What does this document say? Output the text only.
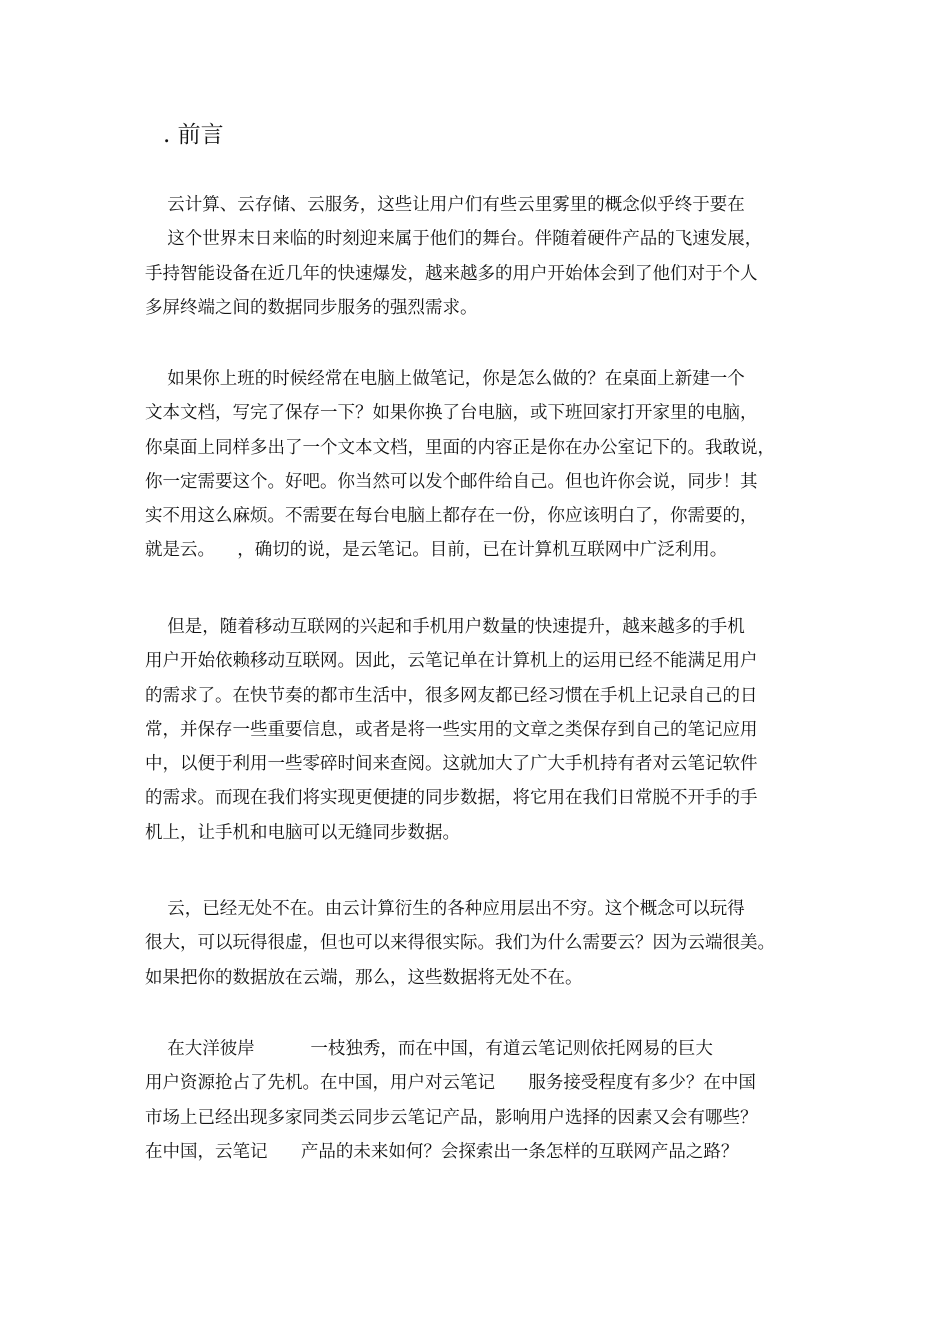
. 前言
云计算、云存储、云服务，这些让用户们有些云里雾里的概念似乎终于要在
这个世界末日来临的时刻迎来属于他们的舞台。伴随着硬件产品的飞速发展，
手持智能设备在近几年的快速爆发，越来越多的用户开始体会到了他们对于个人
多屏终端之间的数据同步服务的强烈需求。
如果你上班的时候经常在电脑上做笔记，你是怎么做的？在桌面上新建一个
文本文档，写完了保存一下？如果你换了台电脑，或下班回家打开家里的电脑，
你桌面上同样多出了一个文本文档，里面的内容正是你在办公室记下的。我敢说，
你一定需要这个。好吧。你当然可以发个邮件给自己。但也许你会说，同步！其
实不用这么麻烦。不需要在每台电脑上都存在一份，你应该明白了，你需要的，
就是云。    ，确切的说，是云笔记。目前，已在计算机互联网中广泛利用。
但是，随着移动互联网的兴起和手机用户数量的快速提升，越来越多的手机
用户开始依赖移动互联网。因此，云笔记单在计算机上的运用已经不能满足用户
的需求了。在快节奏的都市生活中，很多网友都已经习惯在手机上记录自己的日
常，并保存一些重要信息，或者是将一些实用的文章之类保存到自己的笔记应用
中，以便于利用一些零碎时间来查阅。这就加大了广大手机持有者对云笔记软件
的需求。而现在我们将实现更便捷的同步数据，将它用在我们日常脱不开手的手
机上，让手机和电脑可以无缝同步数据。
云，已经无处不在。由云计算衍生的各种应用层出不穷。这个概念可以玩得
很大，可以玩得很虚，但也可以来得很实际。我们为什么需要云？因为云端很美。
如果把你的数据放在云端，那么，这些数据将无处不在。
在大洋彼岸          一枝独秀，而在中国，有道云笔记则依托网易的巨大
用户资源抢占了先机。在中国，用户对云笔记      服务接受程度有多少？在中国
市场上已经出现多家同类云同步云笔记产品，影响用户选择的因素又会有哪些？
在中国，云笔记      产品的未来如何？会探索出一条怎样的互联网产品之路？
